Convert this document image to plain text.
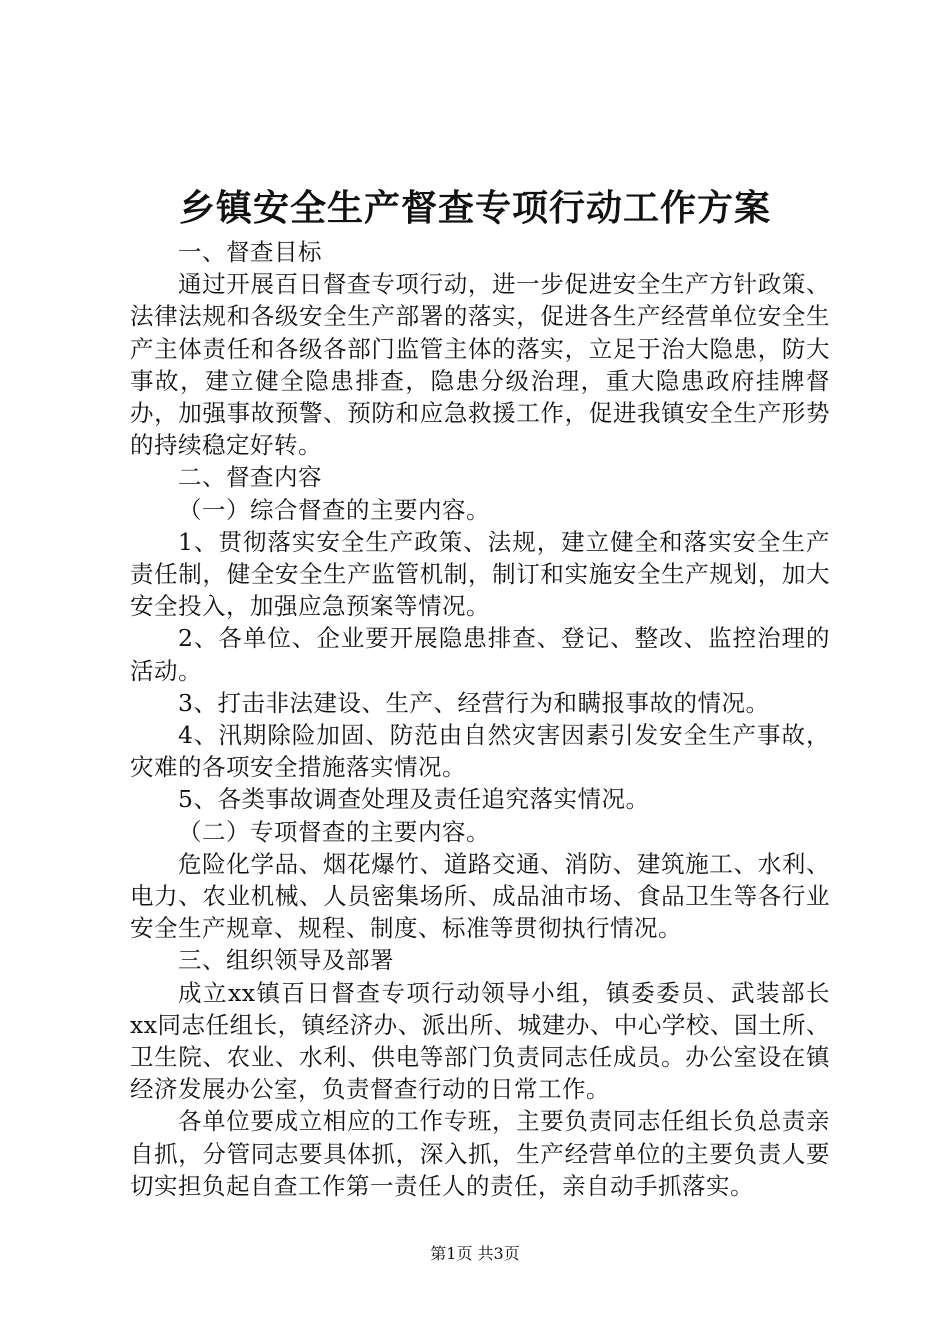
乡镇安全生产督查专项行动工作方案

一、督查目标

通过开展百日督查专项行动，进一步促进安全生产方针政策、法律法规和各级安全生产部署的落实，促进各生产经营单位安全生产主体责任和各级各部门监管主体的落实，立足于治大隐患，防大事故，建立健全隐患排查，隐患分级治理，重大隐患政府挂牌督办，加强事故预警、预防和应急救援工作，促进我镇安全生产形势的持续稳定好转。

二、督查内容

（一）综合督查的主要内容。

1、贯彻落实安全生产政策、法规，建立健全和落实安全生产责任制，健全安全生产监管机制，制订和实施安全生产规划，加大安全投入，加强应急预案等情况。

2、各单位、企业要开展隐患排查、登记、整改、监控治理的活动。

3、打击非法建设、生产、经营行为和瞒报事故的情况。

4、汛期除险加固、防范由自然灾害因素引发安全生产事故，灾难的各项安全措施落实情况。

5、各类事故调查处理及责任追究落实情况。

（二）专项督查的主要内容。

危险化学品、烟花爆竹、道路交通、消防、建筑施工、水利、电力、农业机械、人员密集场所、成品油市场、食品卫生等各行业安全生产规章、规程、制度、标准等贯彻执行情况。

三、组织领导及部署

成立xx镇百日督查专项行动领导小组，镇委委员、武装部长xx同志任组长，镇经济办、派出所、城建办、中心学校、国土所、卫生院、农业、水利、供电等部门负责同志任成员。办公室设在镇经济发展办公室，负责督查行动的日常工作。

各单位要成立相应的工作专班，主要负责同志任组长负总责亲自抓，分管同志要具体抓，深入抓，生产经营单位的主要负责人要切实担负起自查工作第一责任人的责任，亲自动手抓落实。

第1页 共3页
